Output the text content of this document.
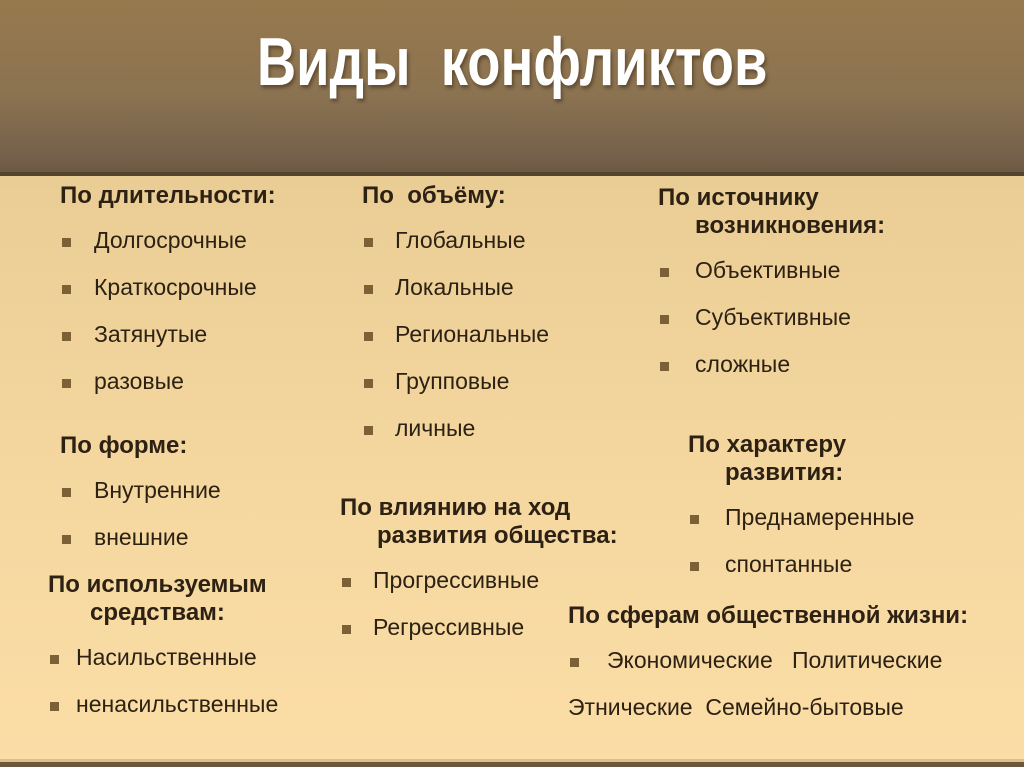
Виды  конфликтов
По длительности:
Долгосрочные
Краткосрочные
Затянутые
разовые
По форме:
Внутренние
внешние
По используемым
средствам:
Насильственные
ненасильственные
По  объёму:
Глобальные
Локальные
Региональные
Групповые
личные
По влиянию на ход
развития общества:
Прогрессивные
Регрессивные
По источнику
возникновения:
Объективные
Субъективные
сложные
По характеру
развития:
Преднамеренные
спонтанные
По сферам общественной жизни:
Экономические   Политические
Этнические  Семейно-бытовые
